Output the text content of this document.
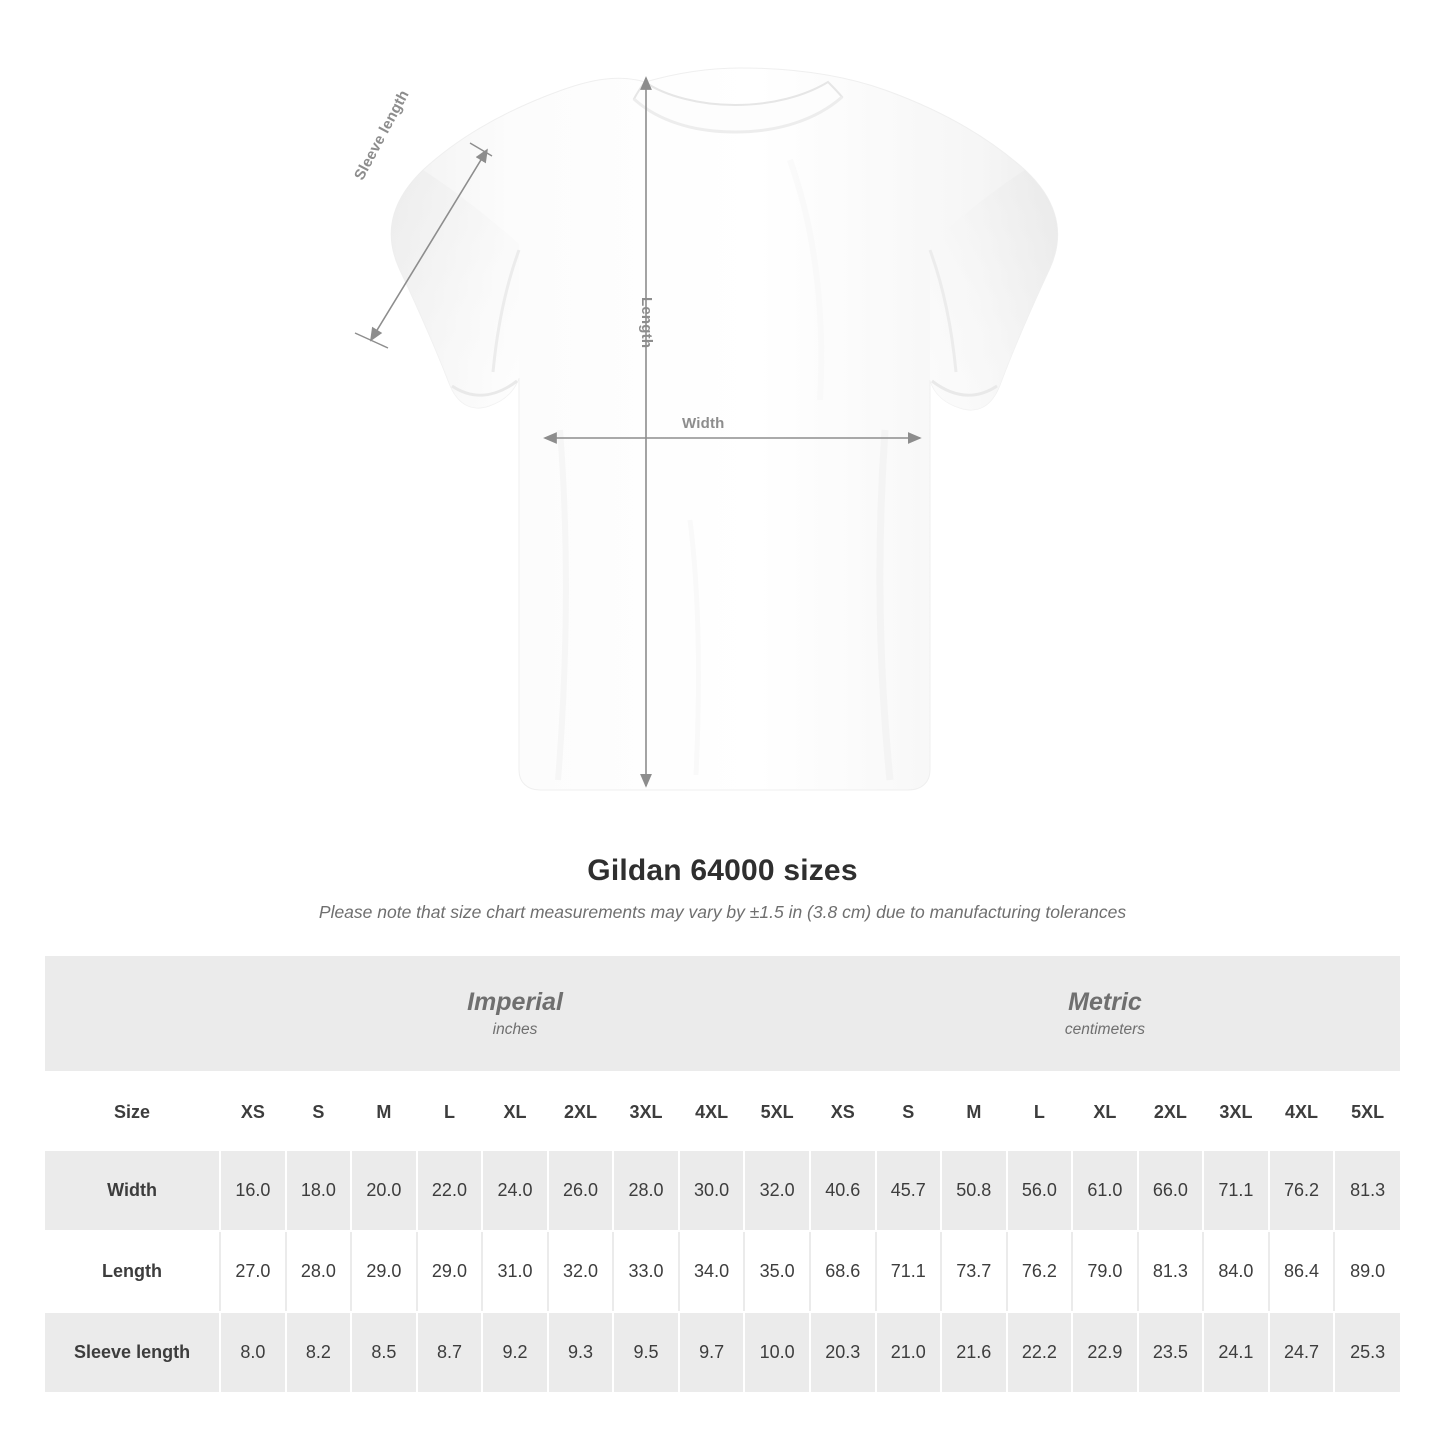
Sleeve length
Length
Width
Gildan 64000 sizes

Please note that size chart measurements may vary by ±1.5 in (3.8 cm) due to manufacturing tolerances

Imperial
inches

Metric
centimeters

Size	XS	S	M	L	XL	2XL	3XL	4XL	5XL	XS	S	M	L	XL	2XL	3XL	4XL	5XL
Width	16.0	18.0	20.0	22.0	24.0	26.0	28.0	30.0	32.0	40.6	45.7	50.8	56.0	61.0	66.0	71.1	76.2	81.3

Length	27.0	28.0	29.0	29.0	31.0	32.0	33.0	34.0	35.0	68.6	71.1	73.7	76.2	79.0	81.3	84.0	86.4	89.0

Sleeve length	8.0	8.2	8.5	8.7	9.2	9.3	9.5	9.7	10.0	20.3	21.0	21.6	22.2	22.9	23.5	24.1	24.7	25.3
